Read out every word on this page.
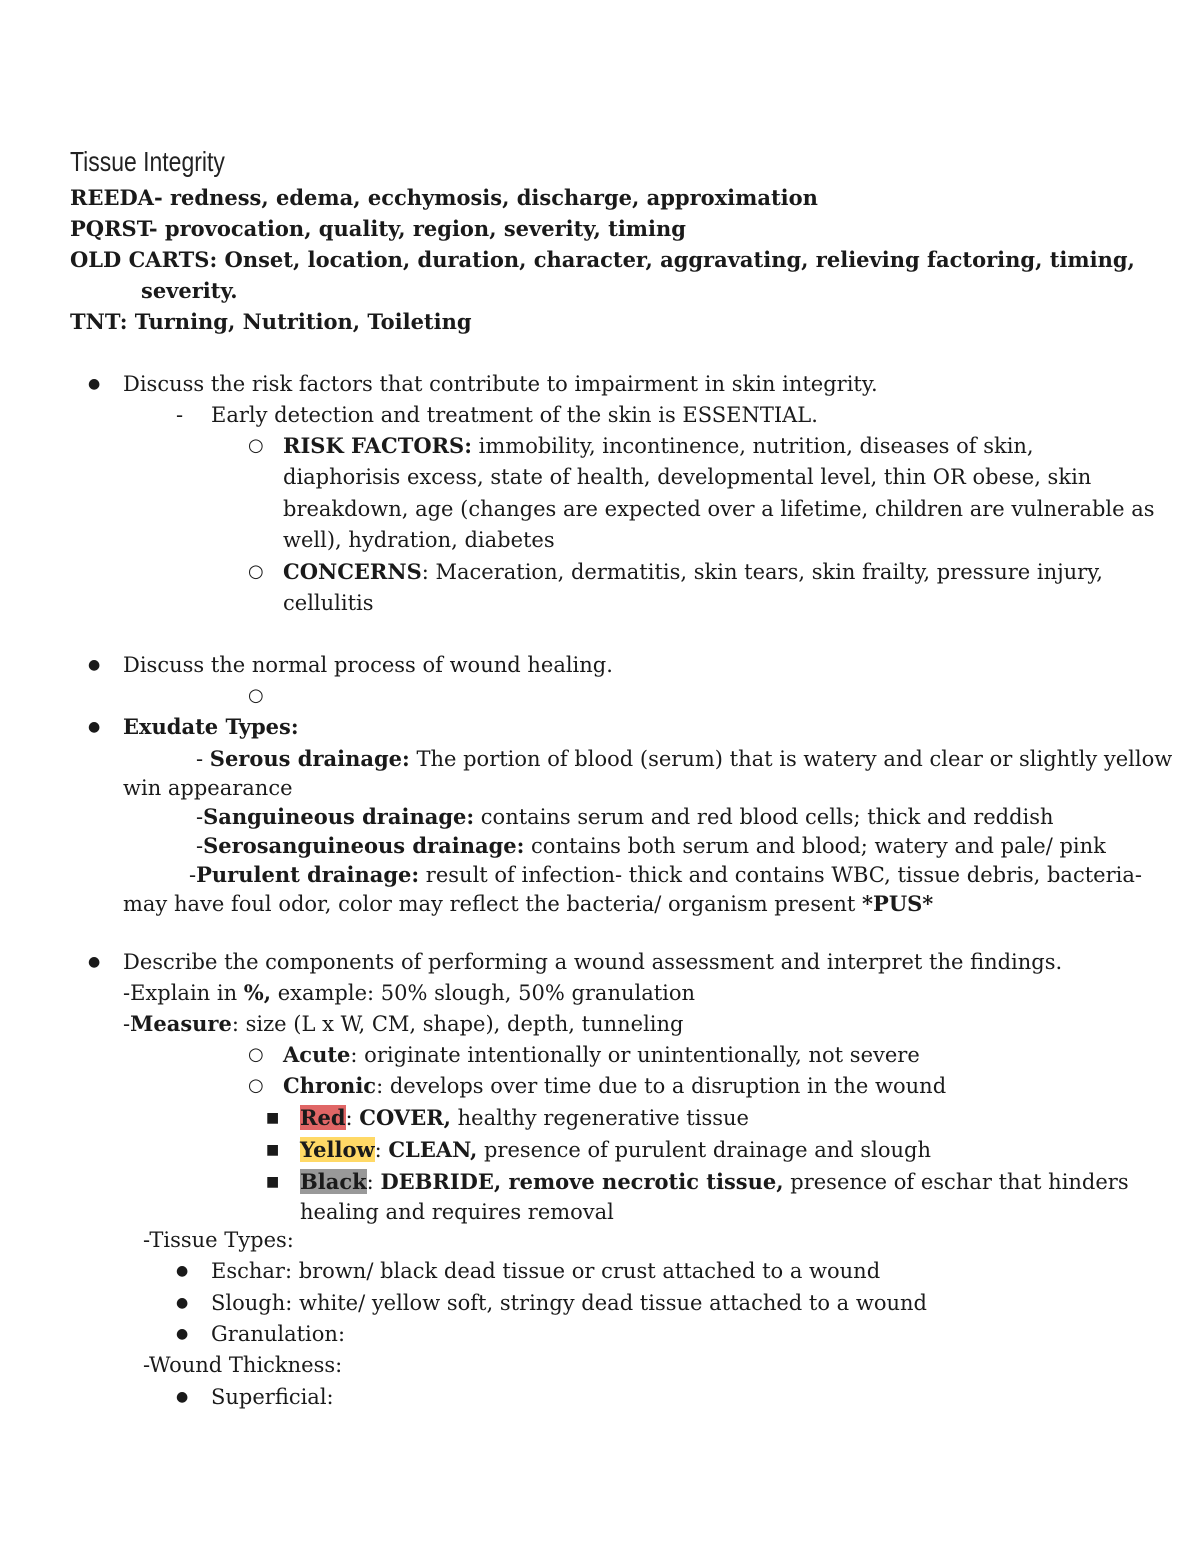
Tissue Integrity
REEDA- redness, edema, ecchymosis, discharge, approximation
PQRST- provocation, quality, region, severity, timing
OLD CARTS: Onset, location, duration, character, aggravating, relieving factoring, timing,
severity.
TNT: Turning, Nutrition, Toileting
● Discuss the risk factors that contribute to impairment in skin integrity.
- Early detection and treatment of the skin is ESSENTIAL.
○ RISK FACTORS: immobility, incontinence, nutrition, diseases of skin,
diaphorisis excess, state of health, developmental level, thin OR obese, skin
breakdown, age (changes are expected over a lifetime, children are vulnerable as
well), hydration, diabetes
○ CONCERNS: Maceration, dermatitis, skin tears, skin frailty, pressure injury,
cellulitis
● Discuss the normal process of wound healing.
○
● Exudate Types:
- Serous drainage: The portion of blood (serum) that is watery and clear or slightly yellow
win appearance
-Sanguineous drainage: contains serum and red blood cells; thick and reddish
-Serosanguineous drainage: contains both serum and blood; watery and pale/ pink
-Purulent drainage: result of infection- thick and contains WBC, tissue debris, bacteria-
may have foul odor, color may reflect the bacteria/ organism present *PUS*
● Describe the components of performing a wound assessment and interpret the findings.
-Explain in %, example: 50% slough, 50% granulation
-Measure: size (L x W, CM, shape), depth, tunneling
○ Acute: originate intentionally or unintentionally, not severe
○ Chronic: develops over time due to a disruption in the wound
■ Red: COVER, healthy regenerative tissue
■ Yellow: CLEAN, presence of purulent drainage and slough
■ Black: DEBRIDE, remove necrotic tissue, presence of eschar that hinders
healing and requires removal
-Tissue Types:
● Eschar: brown/ black dead tissue or crust attached to a wound
● Slough: white/ yellow soft, stringy dead tissue attached to a wound
● Granulation:
-Wound Thickness:
● Superficial:
